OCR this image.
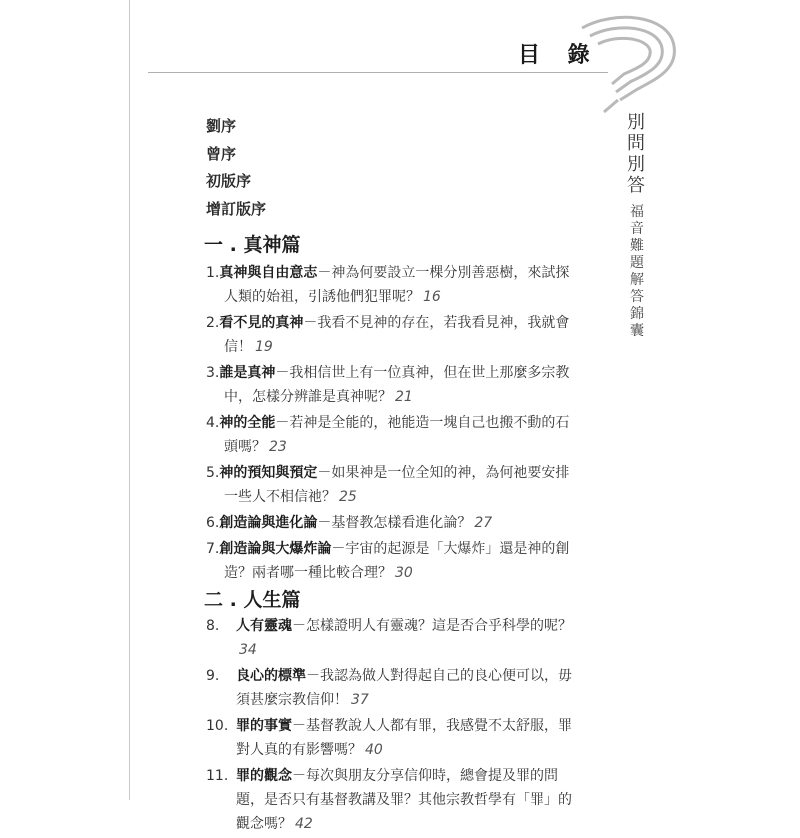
目 錄
別問別答
福音難題解答錦囊
劉序
曾序
初版序
增訂版序
一 . 真神篇
1. 真神與自由意志－神為何要設立一棵分別善惡樹，來試探
人類的始祖，引誘他們犯罪呢？ 16
2. 看不見的真神－我看不見神的存在，若我看見神，我就會
信！ 19
3. 誰是真神－我相信世上有一位真神，但在世上那麼多宗教
中，怎樣分辨誰是真神呢？ 21
4. 神的全能－若神是全能的，祂能造一塊自己也搬不動的石
頭嗎？ 23
5. 神的預知與預定－如果神是一位全知的神，為何祂要安排
一些人不相信祂？ 25
6. 創造論與進化論－基督教怎樣看進化論？ 27
7. 創造論與大爆炸論－宇宙的起源是「大爆炸」還是神的創
造？兩者哪一種比較合理？ 30
二 . 人生篇
8.	人有靈魂－怎樣證明人有靈魂？這是否合乎科學的呢？34
9.	良心的標準－我認為做人對得起自己的良心便可以，毋
須甚麼宗教信仰！ 37
10. 罪的事實－基督教說人人都有罪，我感覺不太舒服，罪
對人真的有影響嗎？ 40
11. 罪的觀念－每次與朋友分享信仰時，總會提及罪的問
題，是否只有基督教講及罪？其他宗教哲學有「罪」的
觀念嗎？ 42
